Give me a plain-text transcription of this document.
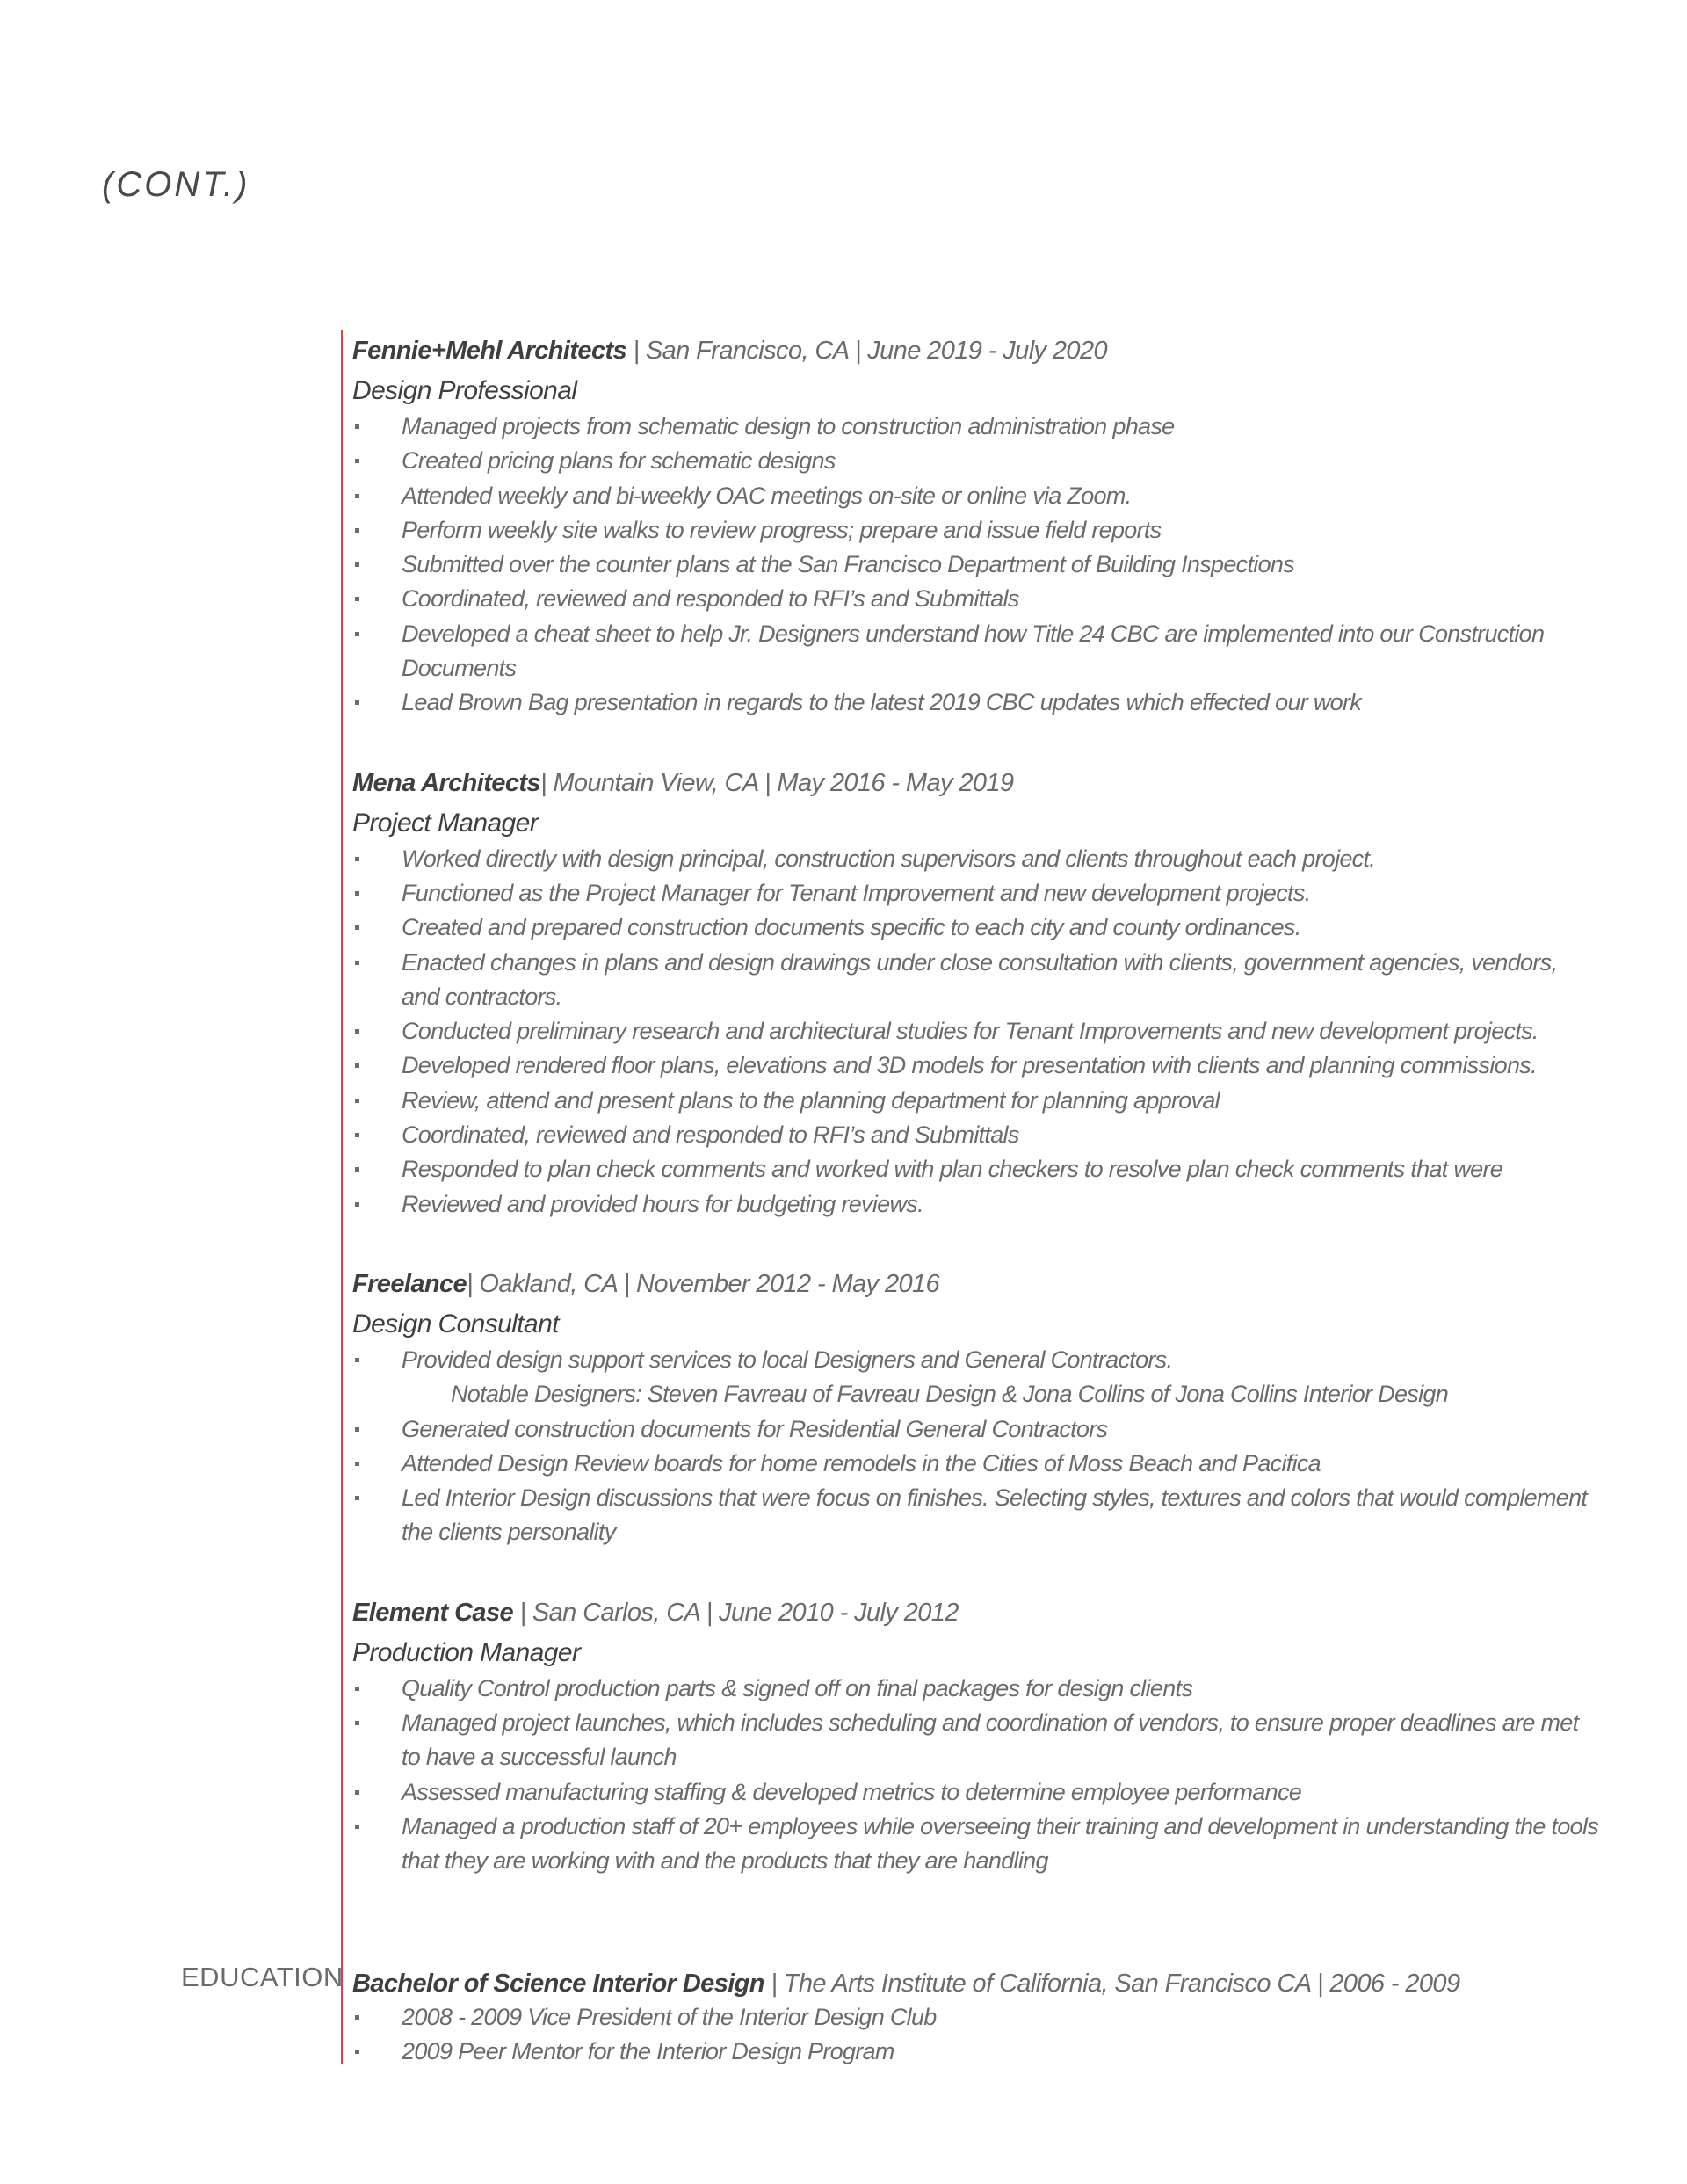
(CONT.)
Fennie+Mehl Architects | San Francisco, CA | June 2019 - July 2020
Design Professional
Managed projects from schematic design to construction administration phase
Created pricing plans for schematic designs
Attended weekly and bi-weekly OAC meetings on-site or online via Zoom.
Perform weekly site walks to review progress; prepare and issue field reports
Submitted over the counter plans at the San Francisco Department of Building Inspections
Coordinated, reviewed and responded to RFI’s and Submittals
Developed a cheat sheet to help Jr. Designers understand how Title 24 CBC are implemented into our Construction Documents
Lead Brown Bag presentation in regards to the latest 2019 CBC updates which effected our work
Mena Architects| Mountain View, CA | May 2016 - May 2019
Project Manager
Worked directly with design principal, construction supervisors and clients throughout each project.
Functioned as the Project Manager for Tenant Improvement and new development projects.
Created and prepared construction documents specific to each city and county ordinances.
Enacted changes in plans and design drawings under close consultation with clients, government agencies, vendors, and contractors.
Conducted preliminary research and architectural studies for Tenant Improvements and new development projects.
Developed rendered floor plans, elevations and 3D models for presentation with clients and planning commissions.
Review, attend and present plans to the planning department for planning approval
Coordinated, reviewed and responded to RFI’s and Submittals
Responded to plan check comments and worked with plan checkers to resolve plan check comments that were
Reviewed and provided hours for budgeting reviews.
Freelance| Oakland, CA | November 2012 - May 2016
Design Consultant
Provided design support services to local Designers and General Contractors.
Notable Designers: Steven Favreau of Favreau Design & Jona Collins of Jona Collins Interior Design
Generated construction documents for Residential General Contractors
Attended Design Review boards for home remodels in the Cities of Moss Beach and Pacifica
Led Interior Design discussions that were focus on finishes. Selecting styles, textures and colors that would complement the clients personality
Element Case | San Carlos, CA | June 2010 - July 2012
Production Manager
Quality Control production parts & signed off on final packages for design clients
Managed project launches, which includes scheduling and coordination of vendors, to ensure proper deadlines are met to have a successful launch
Assessed manufacturing staffing & developed metrics to determine employee performance
Managed a production staff of 20+ employees while overseeing their training and development in understanding the tools that they are working with and the products that they are handling
EDUCATION Bachelor of Science Interior Design | The Arts Institute of California, San Francisco CA | 2006 - 2009
2008 - 2009 Vice President of the Interior Design Club
2009 Peer Mentor for the Interior Design Program
